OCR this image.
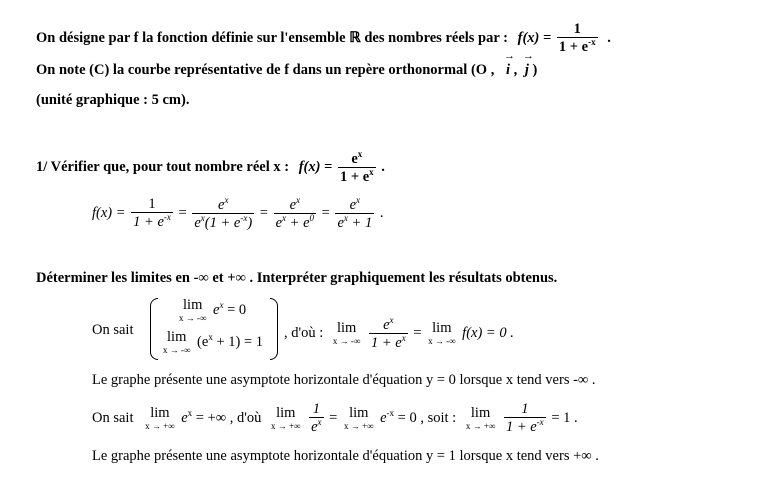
On désigne par f la fonction définie sur l'ensemble ℝ des nombres réels par : $f(x) = \frac{1}{1 + e^{-x}}$ .
On note (C) la courbe représentative de f dans un repère orthonormal (O , → i , → j )
(unité graphique : 5 cm).
1/ Vérifier que, pour tout nombre réel x : $f(x) = \frac{e^x}{1 + e^x}$ .
$f(x) = \frac{1}{1 + e^{-x}} = \frac{e^x}{e^x(1 + e^{-x})} = \frac{e^x}{e^x + e^0} = \frac{e^x}{e^x + 1}$ .
Déterminer les limites en -∞ et +∞ . Interpréter graphiquement les résultats obtenus.
On sait
lim
x → -∞ $e^x = 0$
lim
x → -∞ $(e^x + 1) = 1$
, d'où : lim
x → -∞
$\frac{e^x}{1 + e^x} = \lim$
x → -∞ f(x) = 0 .
Le graphe présente une asymptote horizontale d'équation y = 0 lorsque x tend vers -∞ .
On sait lim
x → +∞ $e^x$ = +∞ , d'où lim
x → +∞
$\frac{1}{e^x} = \lim$
x → +∞ $e^{-x} = 0$ , soit : lim
x → +∞
$\frac{1}{1 + e^{-x}} = 1$ .
Le graphe présente une asymptote horizontale d'équation y = 1 lorsque x tend vers +∞ .
